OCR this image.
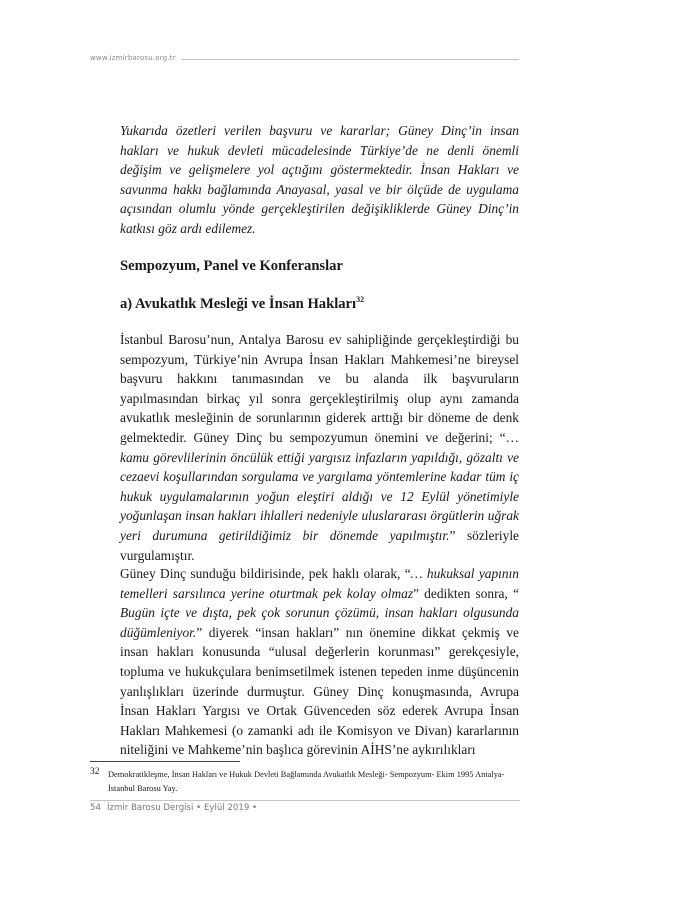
www.izmirbarosu.org.tr

Yukarıda özetleri verilen başvuru ve kararlar; Güney Dinç’in insan hakları ve hukuk devleti mücadelesinde Türkiye’de ne denli önemli değişim ve gelişmelere yol açtığını göstermektedir. İnsan Hakları ve savunma hakkı bağlamında Anayasal, yasal ve bir ölçüde de uygulama açısından olumlu yönde gerçekleştirilen değişikliklerde Güney Dinç’in katkısı göz ardı edilemez.

Sempozyum, Panel ve Konferanslar
a) Avukatlık Mesleği ve İnsan Hakları$^{32}$

İstanbul Barosu’nun, Antalya Barosu ev sahipliğinde gerçekleştirdiği bu sempozyum, Türkiye’nin Avrupa İnsan Hakları Mahkemesi’ne bireysel başvuru hakkını tanımasından ve bu alanda ilk başvuruların yapılmasından birkaç yıl sonra gerçekleştirilmiş olup aynı zamanda avukatlık mesleğinin de sorunlarının giderek arttığı bir döneme de denk gelmektedir. Güney Dinç bu sempozyumun önemini ve değerini; “… kamu görevlilerinin öncülük ettiği yargısız infazların yapıldığı, gözaltı ve cezaevi koşullarından sorgulama ve yargılama yöntemlerine kadar tüm iç hukuk uygulamalarının yoğun eleştiri aldığı ve 12 Eylül yönetimiyle yoğunlaşan insan hakları ihlalleri nedeniyle uluslararası örgütlerin uğrak yeri durumuna getirildiğimiz bir dönemde yapılmıştır.” sözleriyle vurgulamıştır.

Güney Dinç sunduğu bildirisinde, pek haklı olarak, “… hukuksal yapının temelleri sarsılınca yerine oturtmak pek kolay olmaz” dedikten sonra, “ Bugün içte ve dışta, pek çok sorunun çözümü, insan hakları olgusunda düğümleniyor.” diyerek “insan hakları” nın önemine dikkat çekmiş ve insan hakları konusunda “ulusal değerlerin korunması” gerekçesiyle, topluma ve hukukçulara benimsetilmek istenen tepeden inme düşüncenin yanlışlıkları üzerinde durmuştur. Güney Dinç konuşmasında, Avrupa İnsan Hakları Yargısı ve Ortak Güvenceden söz ederek Avrupa İnsan Hakları Mahkemesi (o zamanki adı ile Komisyon ve Divan) kararlarının niteliğini ve Mahkeme’nin başlıca görevinin AİHS’ne aykırılıkları

32 Demokratikleşme, İnsan Hakları ve Hukuk Devleti Bağlamında Avukatlık Mesleği- Sempozyum- Ekim 1995 Antalya- İstanbul Barosu Yay.

54 İzmir Barosu Dergisi • Eylül 2019 •
